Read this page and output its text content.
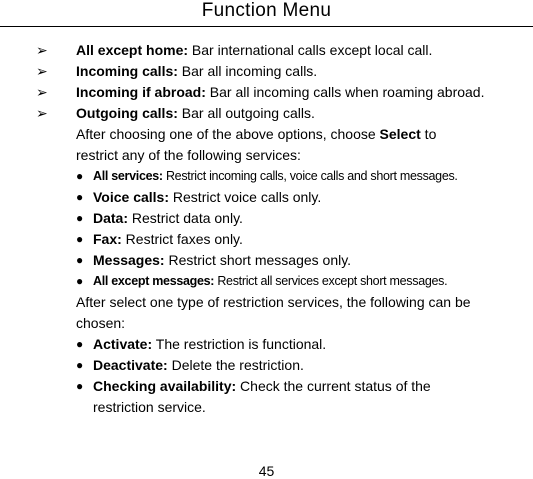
Function Menu
➢ All except home: Bar international calls except local call.
➢ Incoming calls: Bar all incoming calls.
➢ Incoming if abroad: Bar all incoming calls when roaming abroad.
➢ Outgoing calls: Bar all outgoing calls.
After choosing one of the above options, choose Select to
restrict any of the following services:
● All services: Restrict incoming calls, voice calls and short messages.
● Voice calls: Restrict voice calls only.
● Data: Restrict data only.
● Fax: Restrict faxes only.
● Messages: Restrict short messages only.
● All except messages: Restrict all services except short messages.
After select one type of restriction services, the following can be
chosen:
● Activate: The restriction is functional.
● Deactivate: Delete the restriction.
● Checking availability: Check the current status of the
restriction service.
45
